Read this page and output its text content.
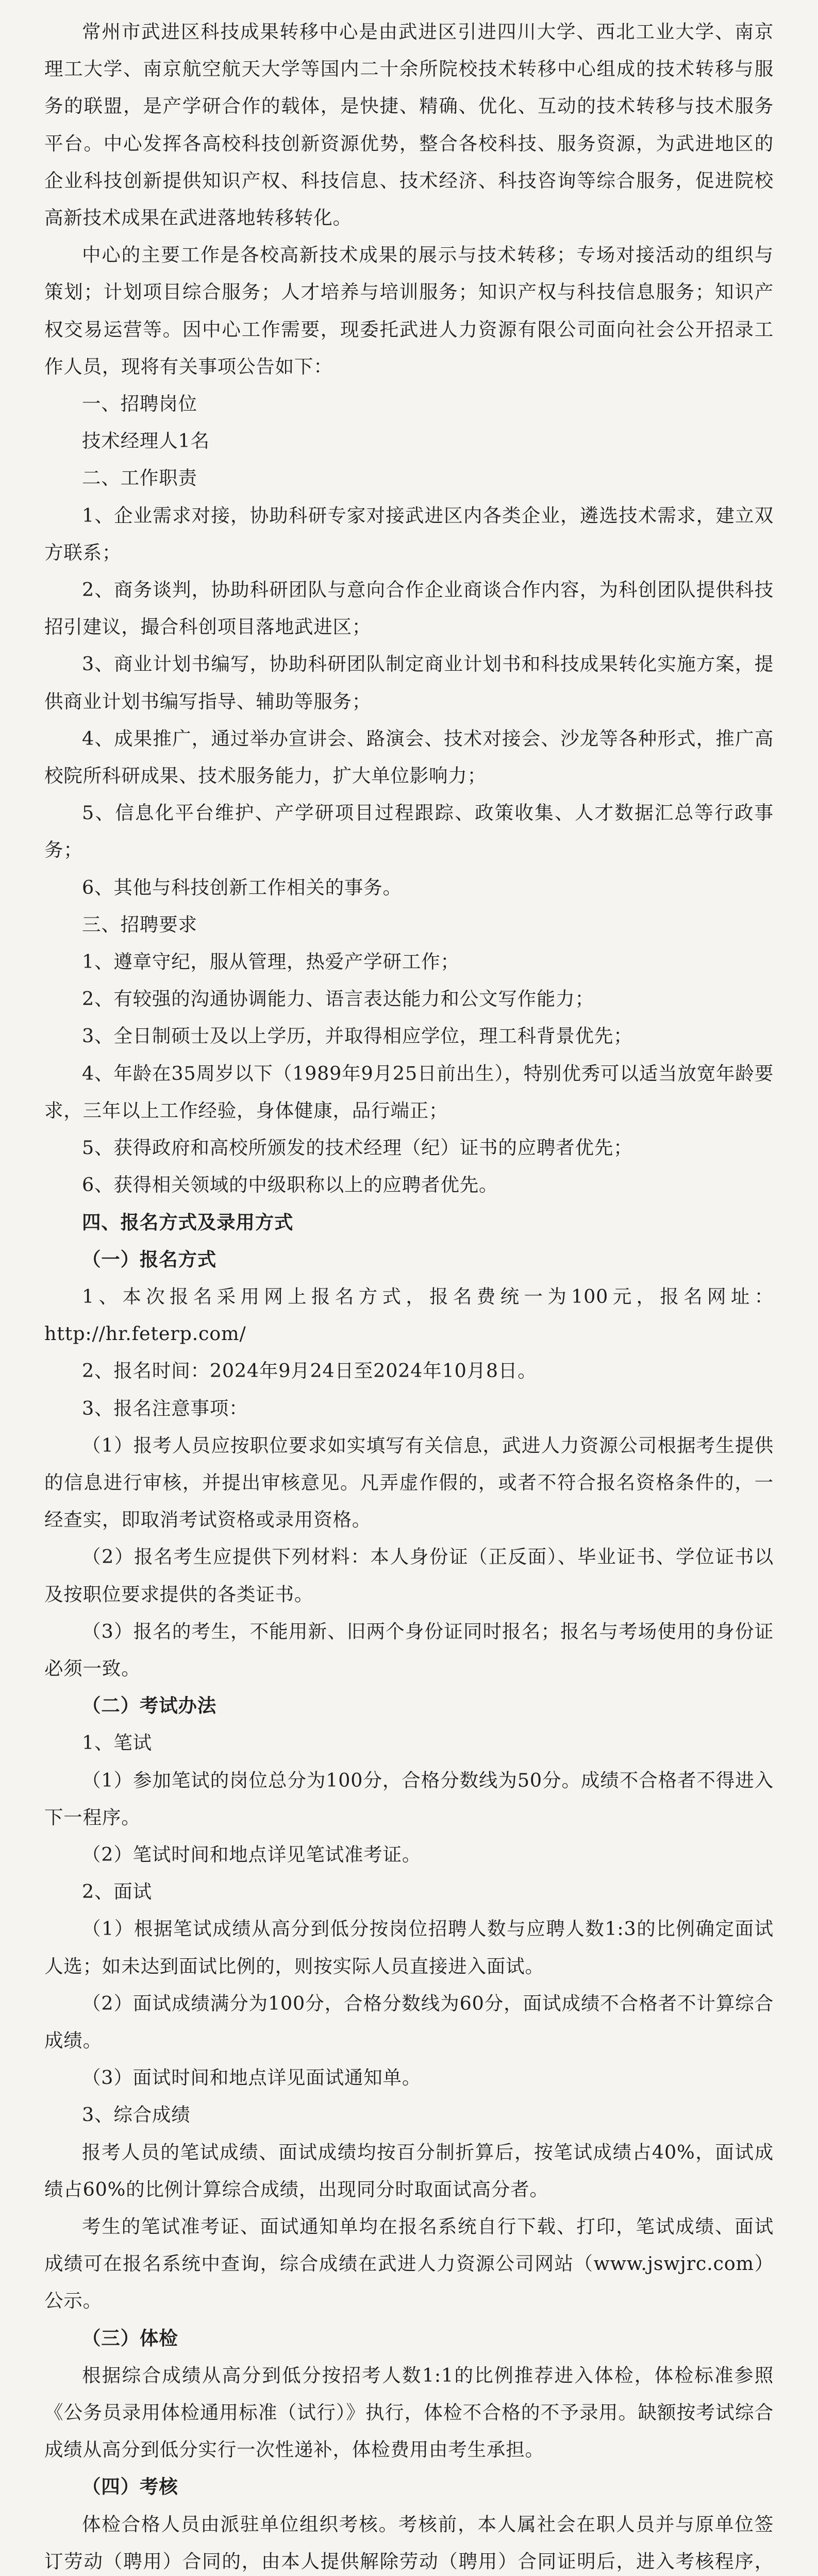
常州市武进区科技成果转移中心是由武进区引进四川大学、西北工业大学、南京理工大学、南京航空航天大学等国内二十余所院校技术转移中心组成的技术转移与服务的联盟，是产学研合作的载体，是快捷、精确、优化、互动的技术转移与技术服务平台。中心发挥各高校科技创新资源优势，整合各校科技、服务资源，为武进地区的企业科技创新提供知识产权、科技信息、技术经济、科技咨询等综合服务，促进院校高新技术成果在武进落地转移转化。

中心的主要工作是各校高新技术成果的展示与技术转移；专场对接活动的组织与策划；计划项目综合服务；人才培养与培训服务；知识产权与科技信息服务；知识产权交易运营等。因中心工作需要，现委托武进人力资源有限公司面向社会公开招录工作人员，现将有关事项公告如下：

一、招聘岗位

技术经理人1名

二、工作职责

1、企业需求对接，协助科研专家对接武进区内各类企业，遴选技术需求，建立双方联系；

2、商务谈判，协助科研团队与意向合作企业商谈合作内容，为科创团队提供科技招引建议，撮合科创项目落地武进区；

3、商业计划书编写，协助科研团队制定商业计划书和科技成果转化实施方案，提供商业计划书编写指导、辅助等服务；

4、成果推广，通过举办宣讲会、路演会、技术对接会、沙龙等各种形式，推广高校院所科研成果、技术服务能力，扩大单位影响力；

5、信息化平台维护、产学研项目过程跟踪、政策收集、人才数据汇总等行政事务；

6、其他与科技创新工作相关的事务。

三、招聘要求

1、遵章守纪，服从管理，热爱产学研工作；

2、有较强的沟通协调能力、语言表达能力和公文写作能力；

3、全日制硕士及以上学历，并取得相应学位，理工科背景优先；

4、年龄在35周岁以下（1989年9月25日前出生），特别优秀可以适当放宽年龄要求，三年以上工作经验，身体健康，品行端正；

5、获得政府和高校所颁发的技术经理（纪）证书的应聘者优先；

6、获得相关领域的中级职称以上的应聘者优先。

四、报名方式及录用方式

（一）报名方式

1、本次报名采用网上报名方式，报名费统一为100元，报名网址：http://hr.feterp.com/

2、报名时间：2024年9月24日至2024年10月8日。

3、报名注意事项：

（1）报考人员应按职位要求如实填写有关信息，武进人力资源公司根据考生提供的信息进行审核，并提出审核意见。凡弄虚作假的，或者不符合报名资格条件的，一经查实，即取消考试资格或录用资格。

（2）报名考生应提供下列材料：本人身份证（正反面）、毕业证书、学位证书以及按职位要求提供的各类证书。

（3）报名的考生，不能用新、旧两个身份证同时报名；报名与考场使用的身份证必须一致。

（二）考试办法

1、笔试

（1）参加笔试的岗位总分为100分，合格分数线为50分。成绩不合格者不得进入下一程序。

（2）笔试时间和地点详见笔试准考证。

2、面试

（1）根据笔试成绩从高分到低分按岗位招聘人数与应聘人数1:3的比例确定面试人选；如未达到面试比例的，则按实际人员直接进入面试。

（2）面试成绩满分为100分，合格分数线为60分，面试成绩不合格者不计算综合成绩。

（3）面试时间和地点详见面试通知单。

3、综合成绩

报考人员的笔试成绩、面试成绩均按百分制折算后，按笔试成绩占40%，面试成绩占60%的比例计算综合成绩，出现同分时取面试高分者。

考生的笔试准考证、面试通知单均在报名系统自行下载、打印，笔试成绩、面试成绩可在报名系统中查询，综合成绩在武进人力资源公司网站（www.jswjrc.com）公示。

（三）体检

根据综合成绩从高分到低分按招考人数1:1的比例推荐进入体检，体检标准参照《公务员录用体检通用标准（试行）》执行，体检不合格的不予录用。缺额按考试综合成绩从高分到低分实行一次性递补，体检费用由考生承担。

（四）考核

体检合格人员由派驻单位组织考核。考核前，本人属社会在职人员并与原单位签订劳动（聘用）合同的，由本人提供解除劳动（聘用）合同证明后，进入考核程序，
